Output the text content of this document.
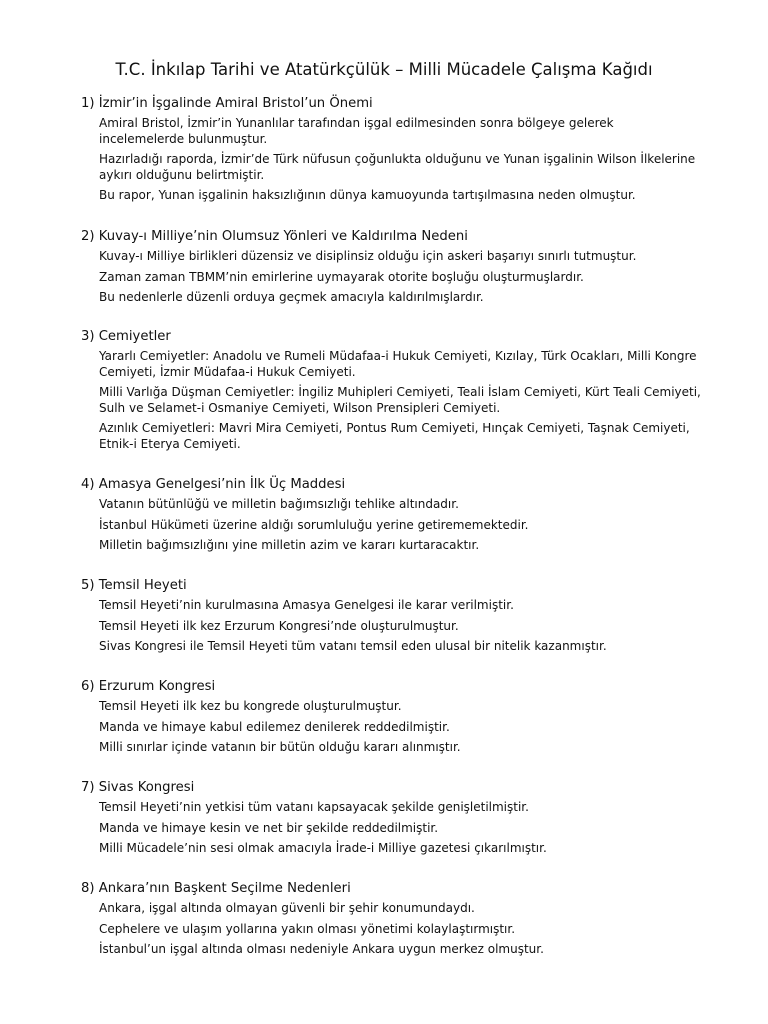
T.C. İnkılap Tarihi ve Atatürkçülük – Milli Mücadele Çalışma Kağıdı
1) İzmir’in İşgalinde Amiral Bristol’un Önemi
Amiral Bristol, İzmir’in Yunanlılar tarafından işgal edilmesinden sonra bölgeye gelerek incelemelerde bulunmuştur.
Hazırladığı raporda, İzmir’de Türk nüfusun çoğunlukta olduğunu ve Yunan işgalinin Wilson İlkelerine aykırı olduğunu belirtmiştir.
Bu rapor, Yunan işgalinin haksızlığının dünya kamuoyunda tartışılmasına neden olmuştur.
2) Kuvay-ı Milliye’nin Olumsuz Yönleri ve Kaldırılma Nedeni
Kuvay-ı Milliye birlikleri düzensiz ve disiplinsiz olduğu için askeri başarıyı sınırlı tutmuştur.
Zaman zaman TBMM’nin emirlerine uymayarak otorite boşluğu oluşturmuşlardır.
Bu nedenlerle düzenli orduya geçmek amacıyla kaldırılmışlardır.
3) Cemiyetler
Yararlı Cemiyetler: Anadolu ve Rumeli Müdafaa-i Hukuk Cemiyeti, Kızılay, Türk Ocakları, Milli Kongre Cemiyeti, İzmir Müdafaa-i Hukuk Cemiyeti.
Milli Varlığa Düşman Cemiyetler: İngiliz Muhipleri Cemiyeti, Teali İslam Cemiyeti, Kürt Teali Cemiyeti, Sulh ve Selamet-i Osmaniye Cemiyeti, Wilson Prensipleri Cemiyeti.
Azınlık Cemiyetleri: Mavri Mira Cemiyeti, Pontus Rum Cemiyeti, Hınçak Cemiyeti, Taşnak Cemiyeti, Etnik-i Eterya Cemiyeti.
4) Amasya Genelgesi’nin İlk Üç Maddesi
Vatanın bütünlüğü ve milletin bağımsızlığı tehlike altındadır.
İstanbul Hükümeti üzerine aldığı sorumluluğu yerine getirememektedir.
Milletin bağımsızlığını yine milletin azim ve kararı kurtaracaktır.
5) Temsil Heyeti
Temsil Heyeti’nin kurulmasına Amasya Genelgesi ile karar verilmiştir.
Temsil Heyeti ilk kez Erzurum Kongresi’nde oluşturulmuştur.
Sivas Kongresi ile Temsil Heyeti tüm vatanı temsil eden ulusal bir nitelik kazanmıştır.
6) Erzurum Kongresi
Temsil Heyeti ilk kez bu kongrede oluşturulmuştur.
Manda ve himaye kabul edilemez denilerek reddedilmiştir.
Milli sınırlar içinde vatanın bir bütün olduğu kararı alınmıştır.
7) Sivas Kongresi
Temsil Heyeti’nin yetkisi tüm vatanı kapsayacak şekilde genişletilmiştir.
Manda ve himaye kesin ve net bir şekilde reddedilmiştir.
Milli Mücadele’nin sesi olmak amacıyla İrade-i Milliye gazetesi çıkarılmıştır.
8) Ankara’nın Başkent Seçilme Nedenleri
Ankara, işgal altında olmayan güvenli bir şehir konumundaydı.
Cephelere ve ulaşım yollarına yakın olması yönetimi kolaylaştırmıştır.
İstanbul’un işgal altında olması nedeniyle Ankara uygun merkez olmuştur.
